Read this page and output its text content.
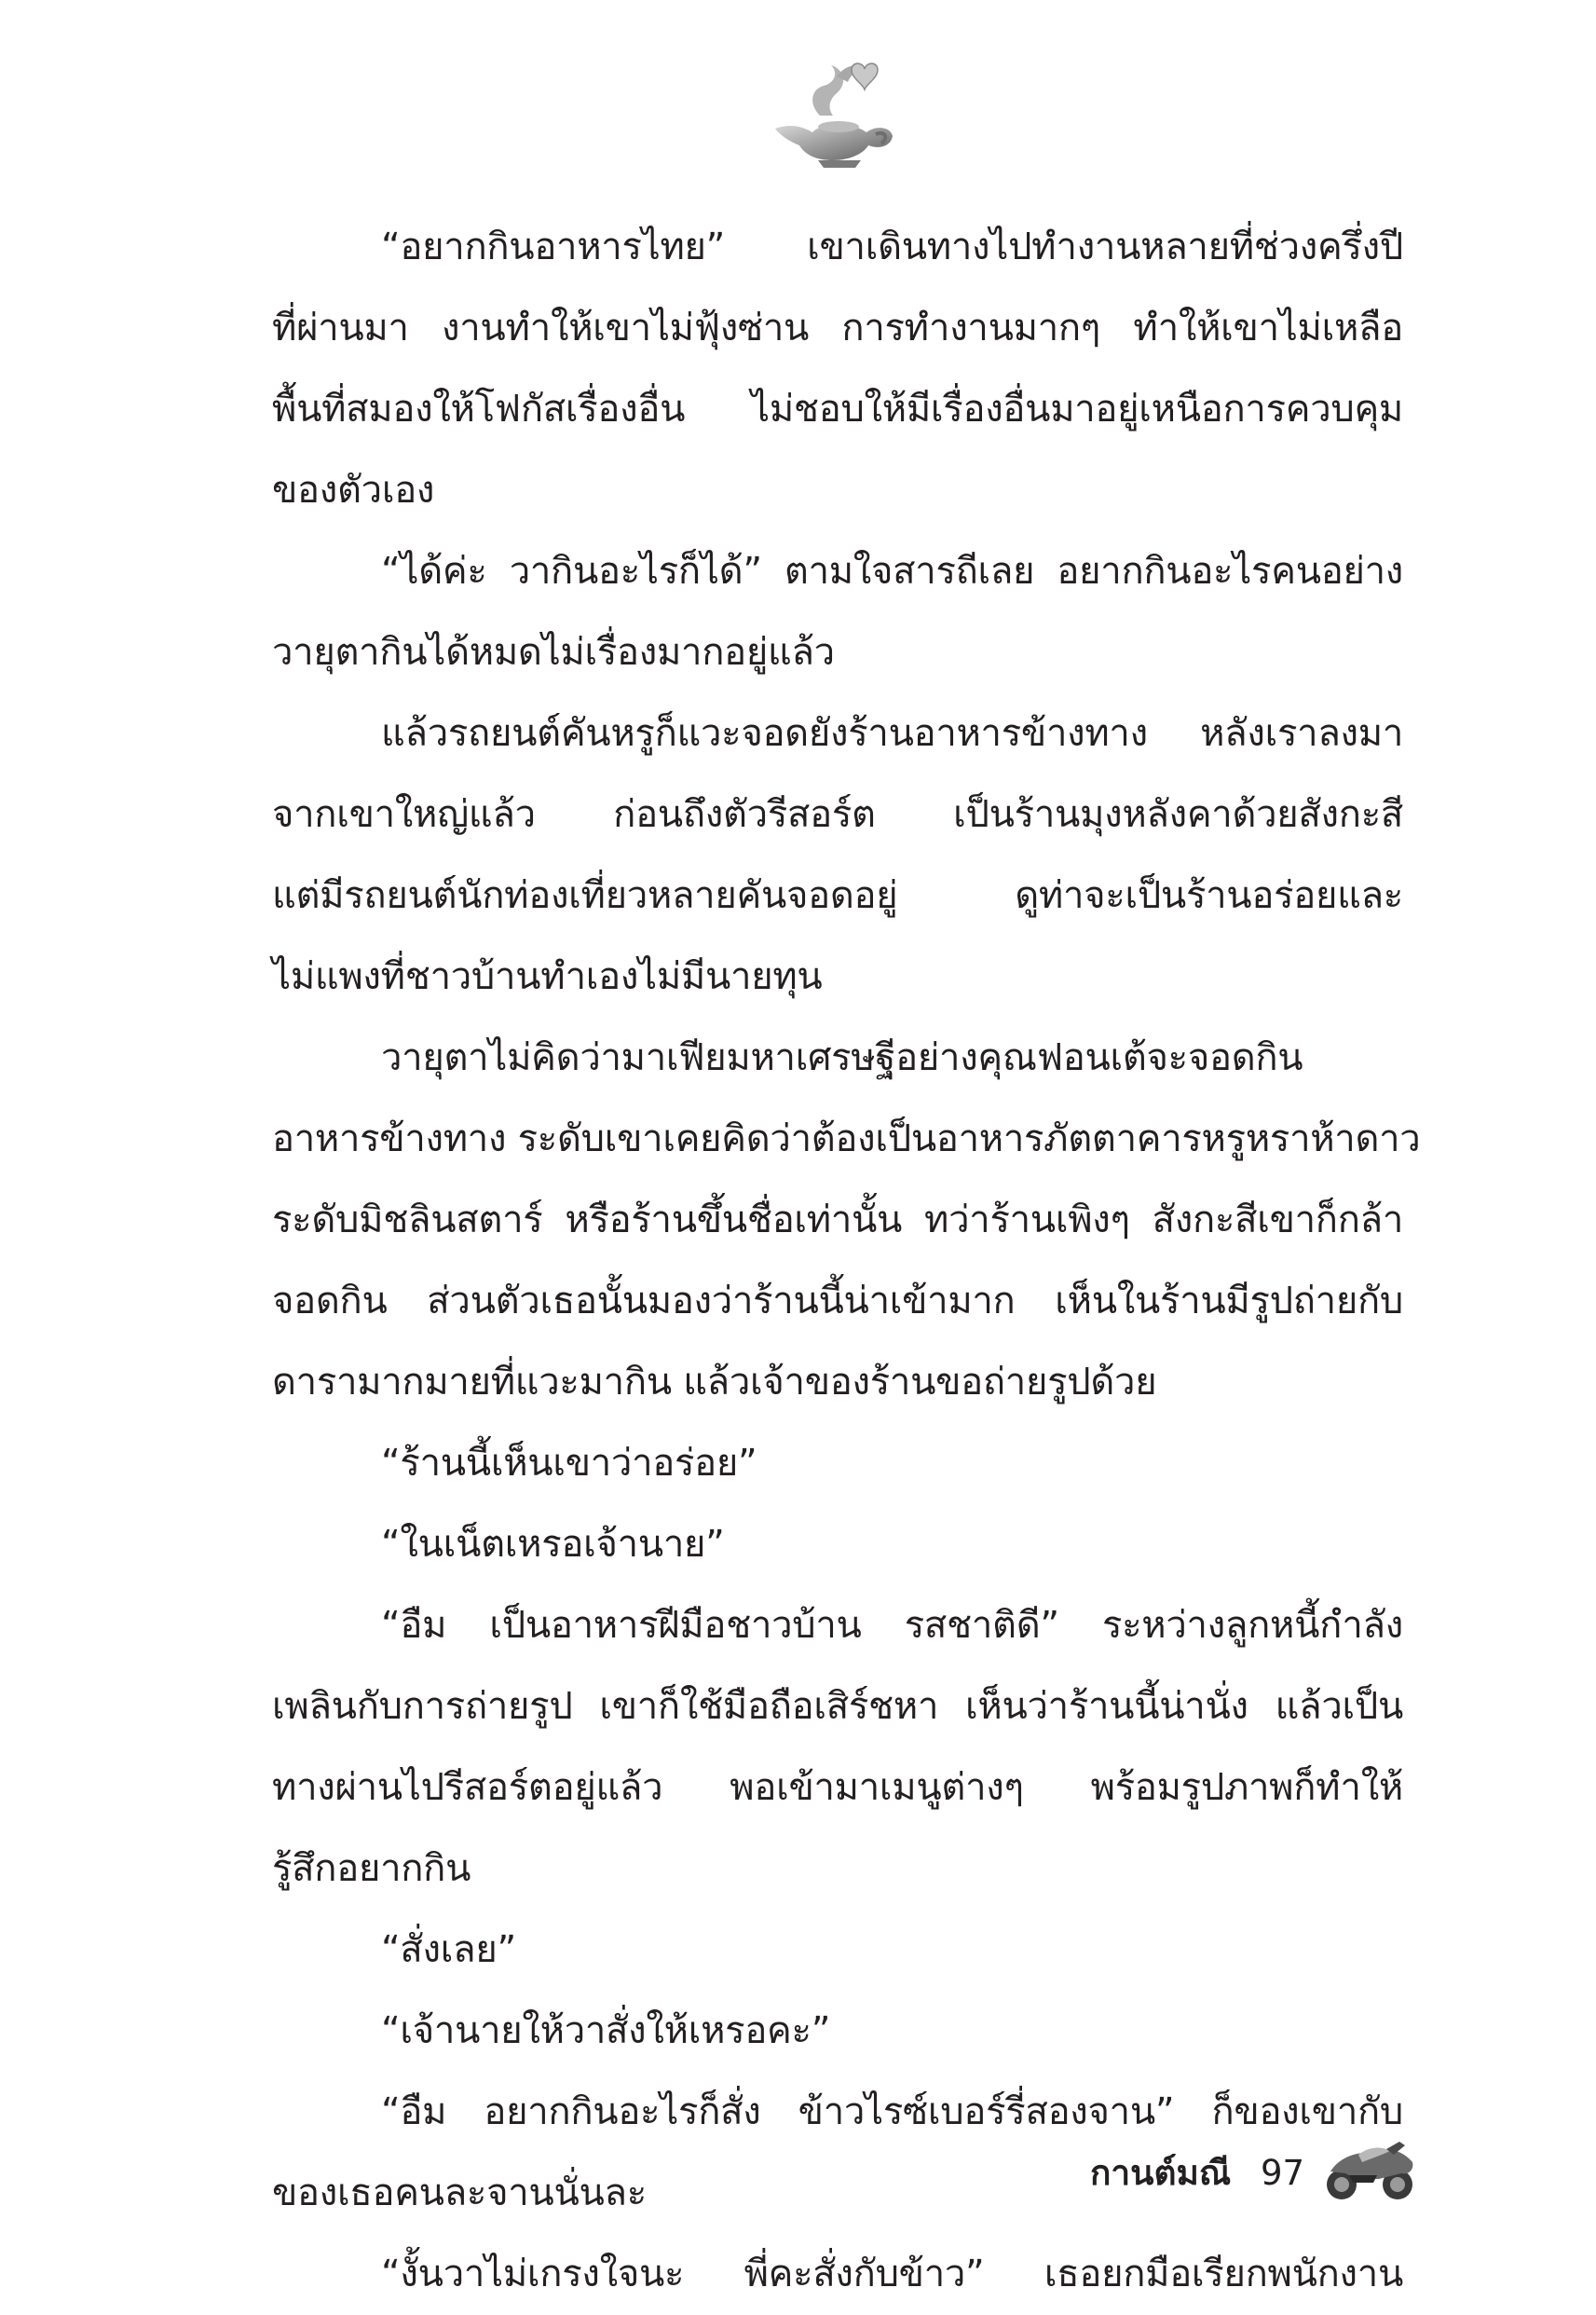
“อยากกินอาหารไทย” เขาเดินทางไปทำงานหลายที่ช่วงครึ่งปี
ที่ผ่านมา งานทำให้เขาไม่ฟุ้งซ่าน การทำงานมากๆ ทำให้เขาไม่เหลือ
พื้นที่สมองให้โฟกัสเรื่องอื่น ไม่ชอบให้มีเรื่องอื่นมาอยู่เหนือการควบคุม
ของตัวเอง
“ได้ค่ะ วากินอะไรก็ได้” ตามใจสารถีเลย อยากกินอะไรคนอย่าง
วายุตากินได้หมดไม่เรื่องมากอยู่แล้ว
แล้วรถยนต์คันหรูก็แวะจอดยังร้านอาหารข้างทาง หลังเราลงมา
จากเขาใหญ่แล้ว ก่อนถึงตัวรีสอร์ต เป็นร้านมุงหลังคาด้วยสังกะสี
แต่มีรถยนต์นักท่องเที่ยวหลายคันจอดอยู่ ดูท่าจะเป็นร้านอร่อยและ
ไม่แพงที่ชาวบ้านทำเองไม่มีนายทุน
วายุตาไม่คิดว่ามาเฟียมหาเศรษฐีอย่างคุณฟอนเต้จะจอดกิน
อาหารข้างทาง ระดับเขาเคยคิดว่าต้องเป็นอาหารภัตตาคารหรูหราห้าดาว
ระดับมิชลินสตาร์ หรือร้านขึ้นชื่อเท่านั้น ทว่าร้านเพิงๆ สังกะสีเขาก็กล้า
จอดกิน ส่วนตัวเธอนั้นมองว่าร้านนี้น่าเข้ามาก เห็นในร้านมีรูปถ่ายกับ
ดารามากมายที่แวะมากิน แล้วเจ้าของร้านขอถ่ายรูปด้วย
“ร้านนี้เห็นเขาว่าอร่อย”
“ในเน็ตเหรอเจ้านาย”
“อืม เป็นอาหารฝีมือชาวบ้าน รสชาติดี” ระหว่างลูกหนี้กำลัง
เพลินกับการถ่ายรูป เขาก็ใช้มือถือเสิร์ชหา เห็นว่าร้านนี้น่านั่ง แล้วเป็น
ทางผ่านไปรีสอร์ตอยู่แล้ว พอเข้ามาเมนูต่างๆ พร้อมรูปภาพก็ทำให้
รู้สึกอยากกิน
“สั่งเลย”
“เจ้านายให้วาสั่งให้เหรอคะ”
“อืม อยากกินอะไรก็สั่ง ข้าวไรซ์เบอร์รี่สองจาน” ก็ของเขากับ
ของเธอคนละจานนั่นละ
“งั้นวาไม่เกรงใจนะ พี่คะสั่งกับข้าว” เธอยกมือเรียกพนักงาน
กานต์มณี 97
